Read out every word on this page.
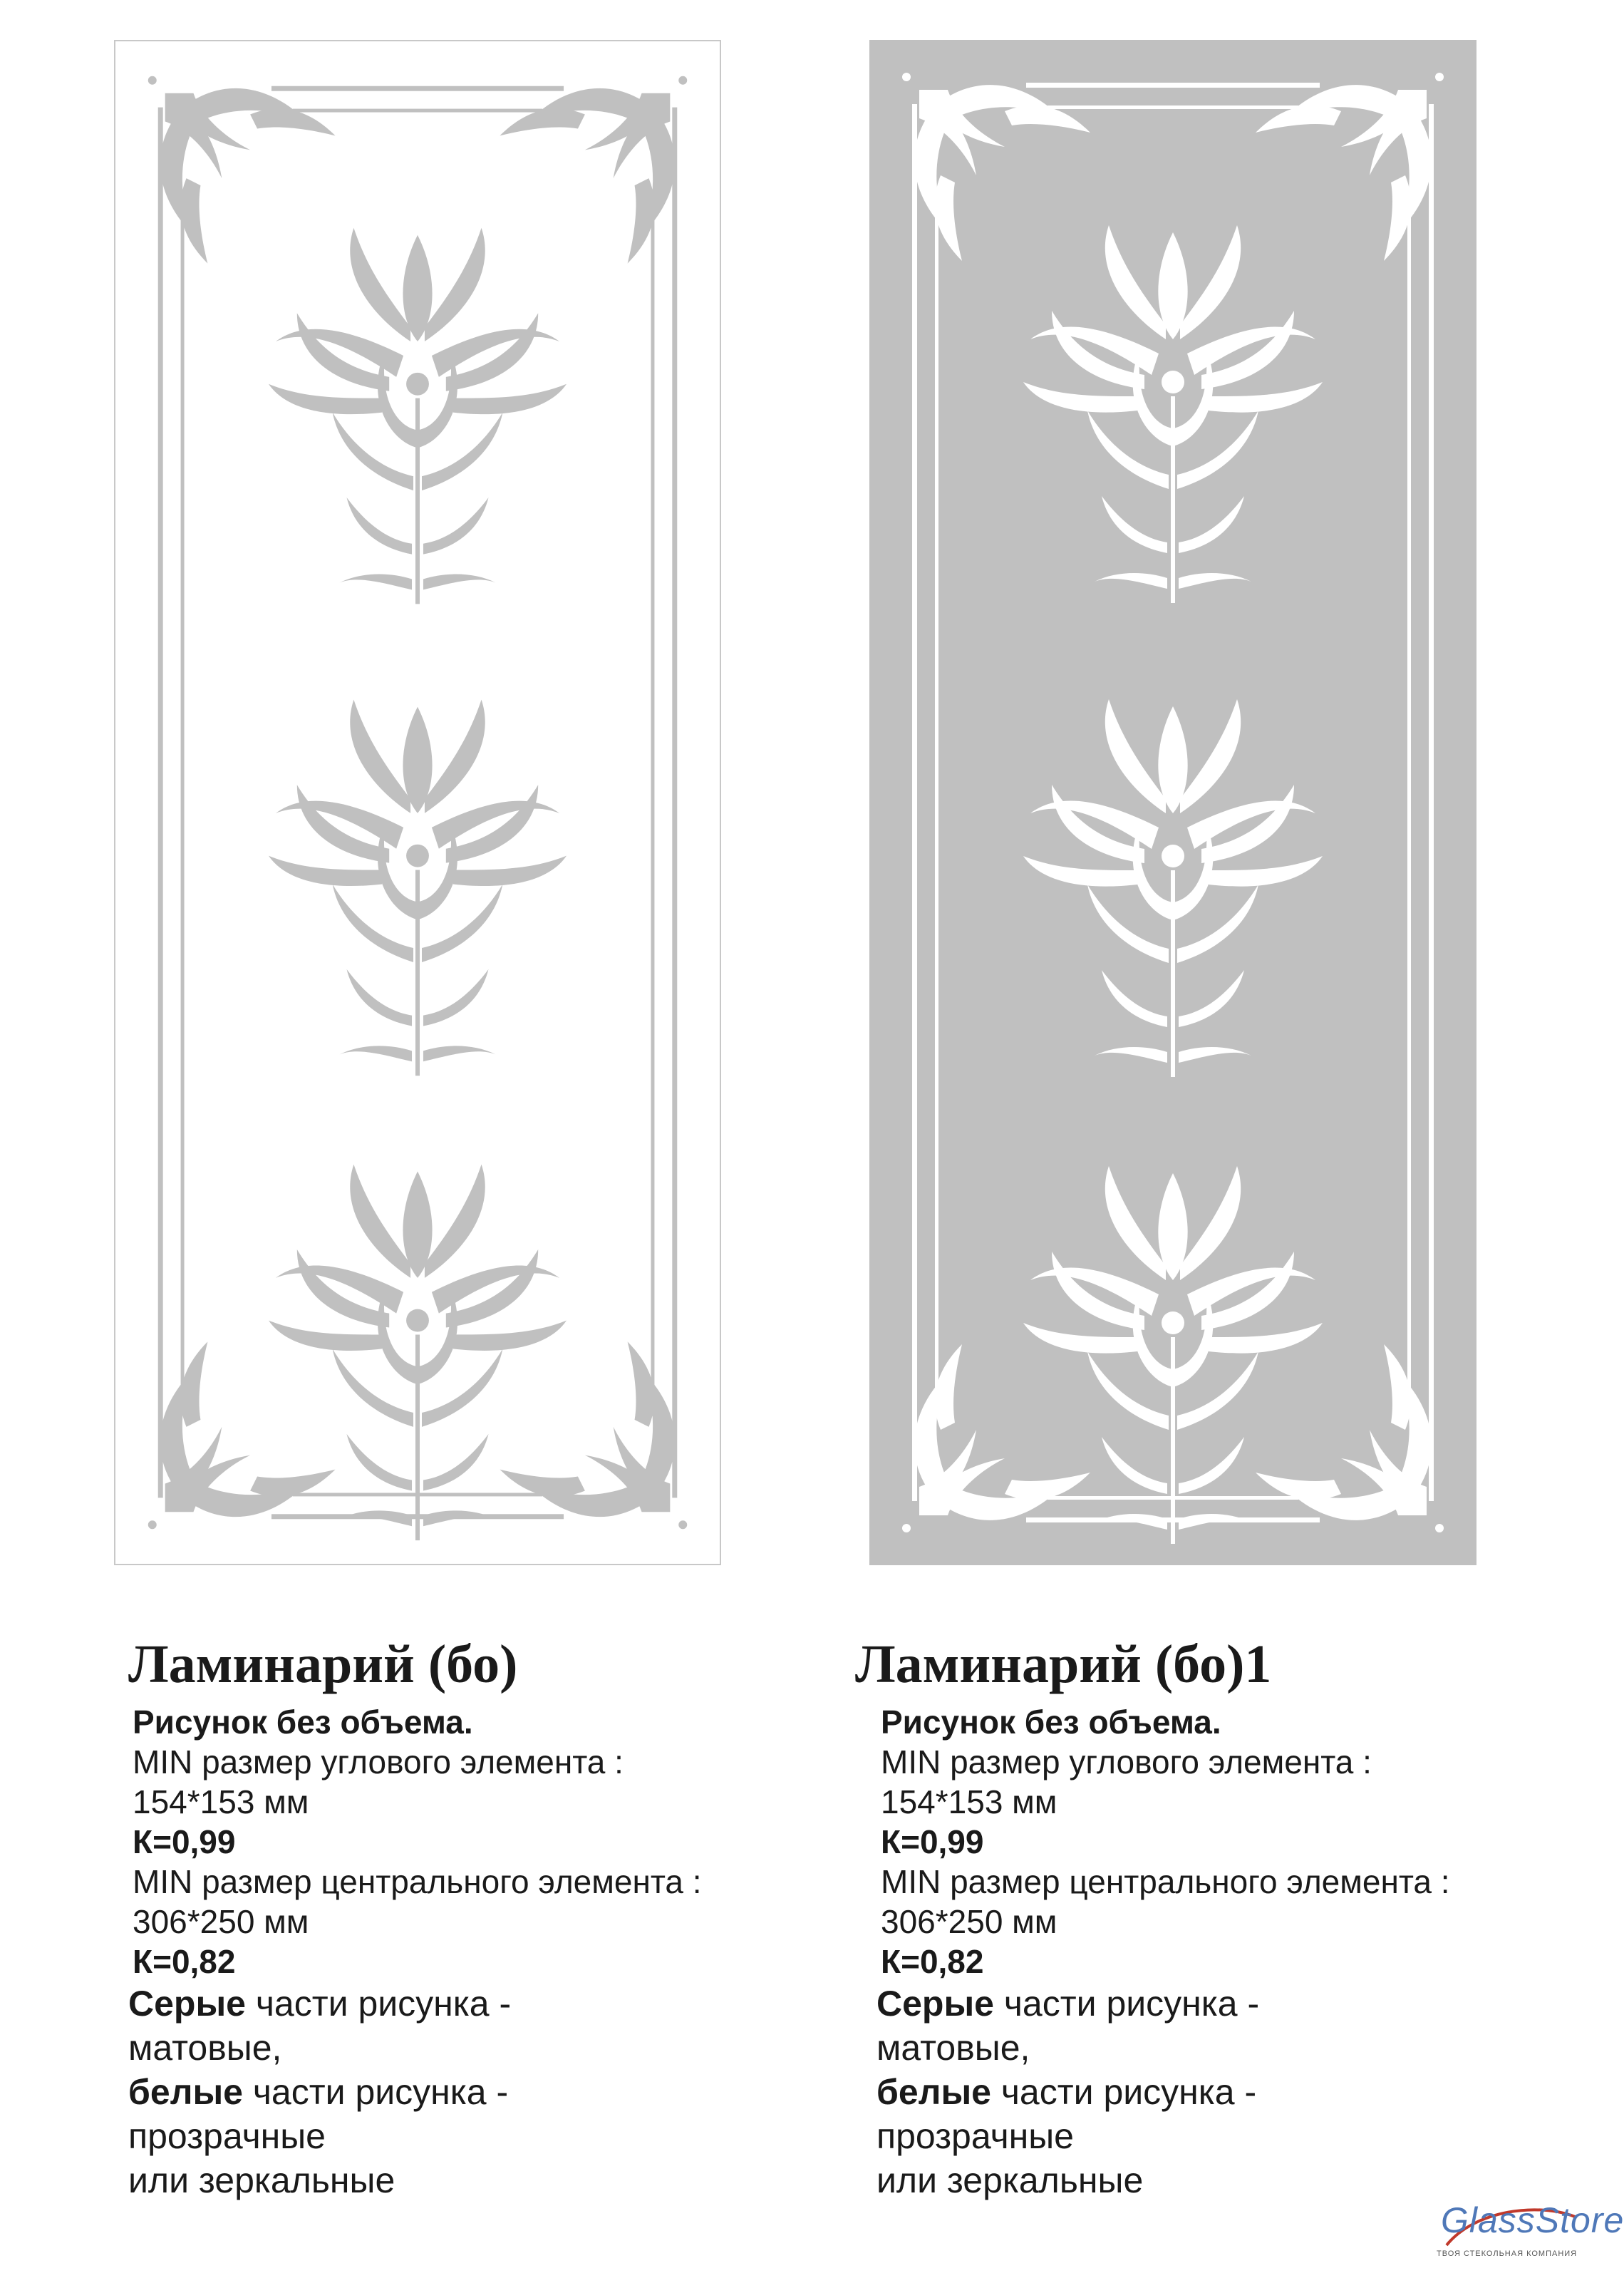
Ламинарий (бо)
Рисунок без объема.
MIN размер углового элемента :
154*153 мм
К=0,99
MIN размер центрального элемента :
306*250 мм
К=0,82
Серые части рисунка -
матовые,
белые части рисунка -
прозрачные
или зеркальные
Ламинарий (бо)1
Рисунок без объема.
MIN размер углового элемента :
154*153 мм
К=0,99
MIN размер центрального элемента :
306*250 мм
К=0,82
Серые части рисунка -
матовые,
белые части рисунка -
прозрачные
или зеркальные
GlassStore
ТВОЯ СТЕКОЛЬНАЯ КОМПАНИЯ
